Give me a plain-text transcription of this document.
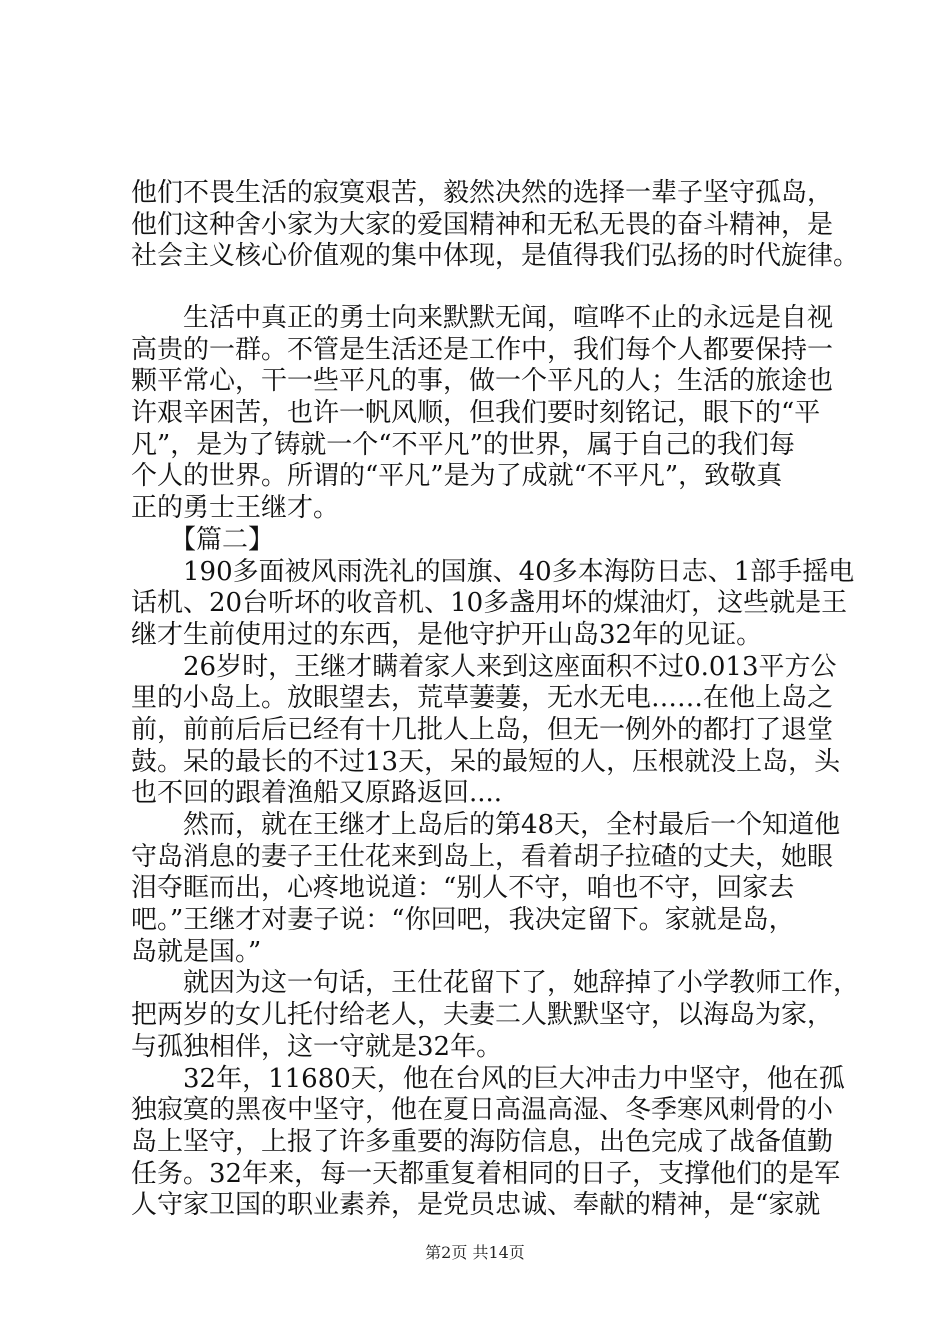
他们不畏生活的寂寞艰苦，毅然决然的选择一辈子坚守孤岛，
他们这种舍小家为大家的爱国精神和无私无畏的奋斗精神，是
社会主义核心价值观的集中体现，是值得我们弘扬的时代旋律。
　　生活中真正的勇士向来默默无闻，喧哗不止的永远是自视
高贵的一群。不管是生活还是工作中，我们每个人都要保持一
颗平常心，干一些平凡的事，做一个平凡的人；生活的旅途也
许艰辛困苦，也许一帆风顺，但我们要时刻铭记，眼下的“平
凡”，是为了铸就一个“不平凡”的世界，属于自己的我们每
个人的世界。所谓的“平凡”是为了成就“不平凡”，致敬真
正的勇士王继才。
　　【篇二】
　　190多面被风雨洗礼的国旗、40多本海防日志、1部手摇电
话机、20台听坏的收音机、10多盏用坏的煤油灯，这些就是王
继才生前使用过的东西，是他守护开山岛32年的见证。
　　26岁时，王继才瞒着家人来到这座面积不过0.013平方公
里的小岛上。放眼望去，荒草萋萋，无水无电……在他上岛之
前，前前后后已经有十几批人上岛，但无一例外的都打了退堂
鼓。呆的最长的不过13天，呆的最短的人，压根就没上岛，头
也不回的跟着渔船又原路返回....
　　然而，就在王继才上岛后的第48天，全村最后一个知道他
守岛消息的妻子王仕花来到岛上，看着胡子拉碴的丈夫，她眼
泪夺眶而出，心疼地说道：“别人不守，咱也不守，回家去
吧。”王继才对妻子说：“你回吧，我决定留下。家就是岛，
岛就是国。”
　　就因为这一句话，王仕花留下了，她辞掉了小学教师工作，
把两岁的女儿托付给老人，夫妻二人默默坚守，以海岛为家，
与孤独相伴，这一守就是32年。
　　32年，11680天，他在台风的巨大冲击力中坚守，他在孤
独寂寞的黑夜中坚守，他在夏日高温高湿、冬季寒风刺骨的小
岛上坚守，上报了许多重要的海防信息，出色完成了战备值勤
任务。32年来，每一天都重复着相同的日子，支撑他们的是军
人守家卫国的职业素养，是党员忠诚、奉献的精神，是“家就
第2页 共14页
